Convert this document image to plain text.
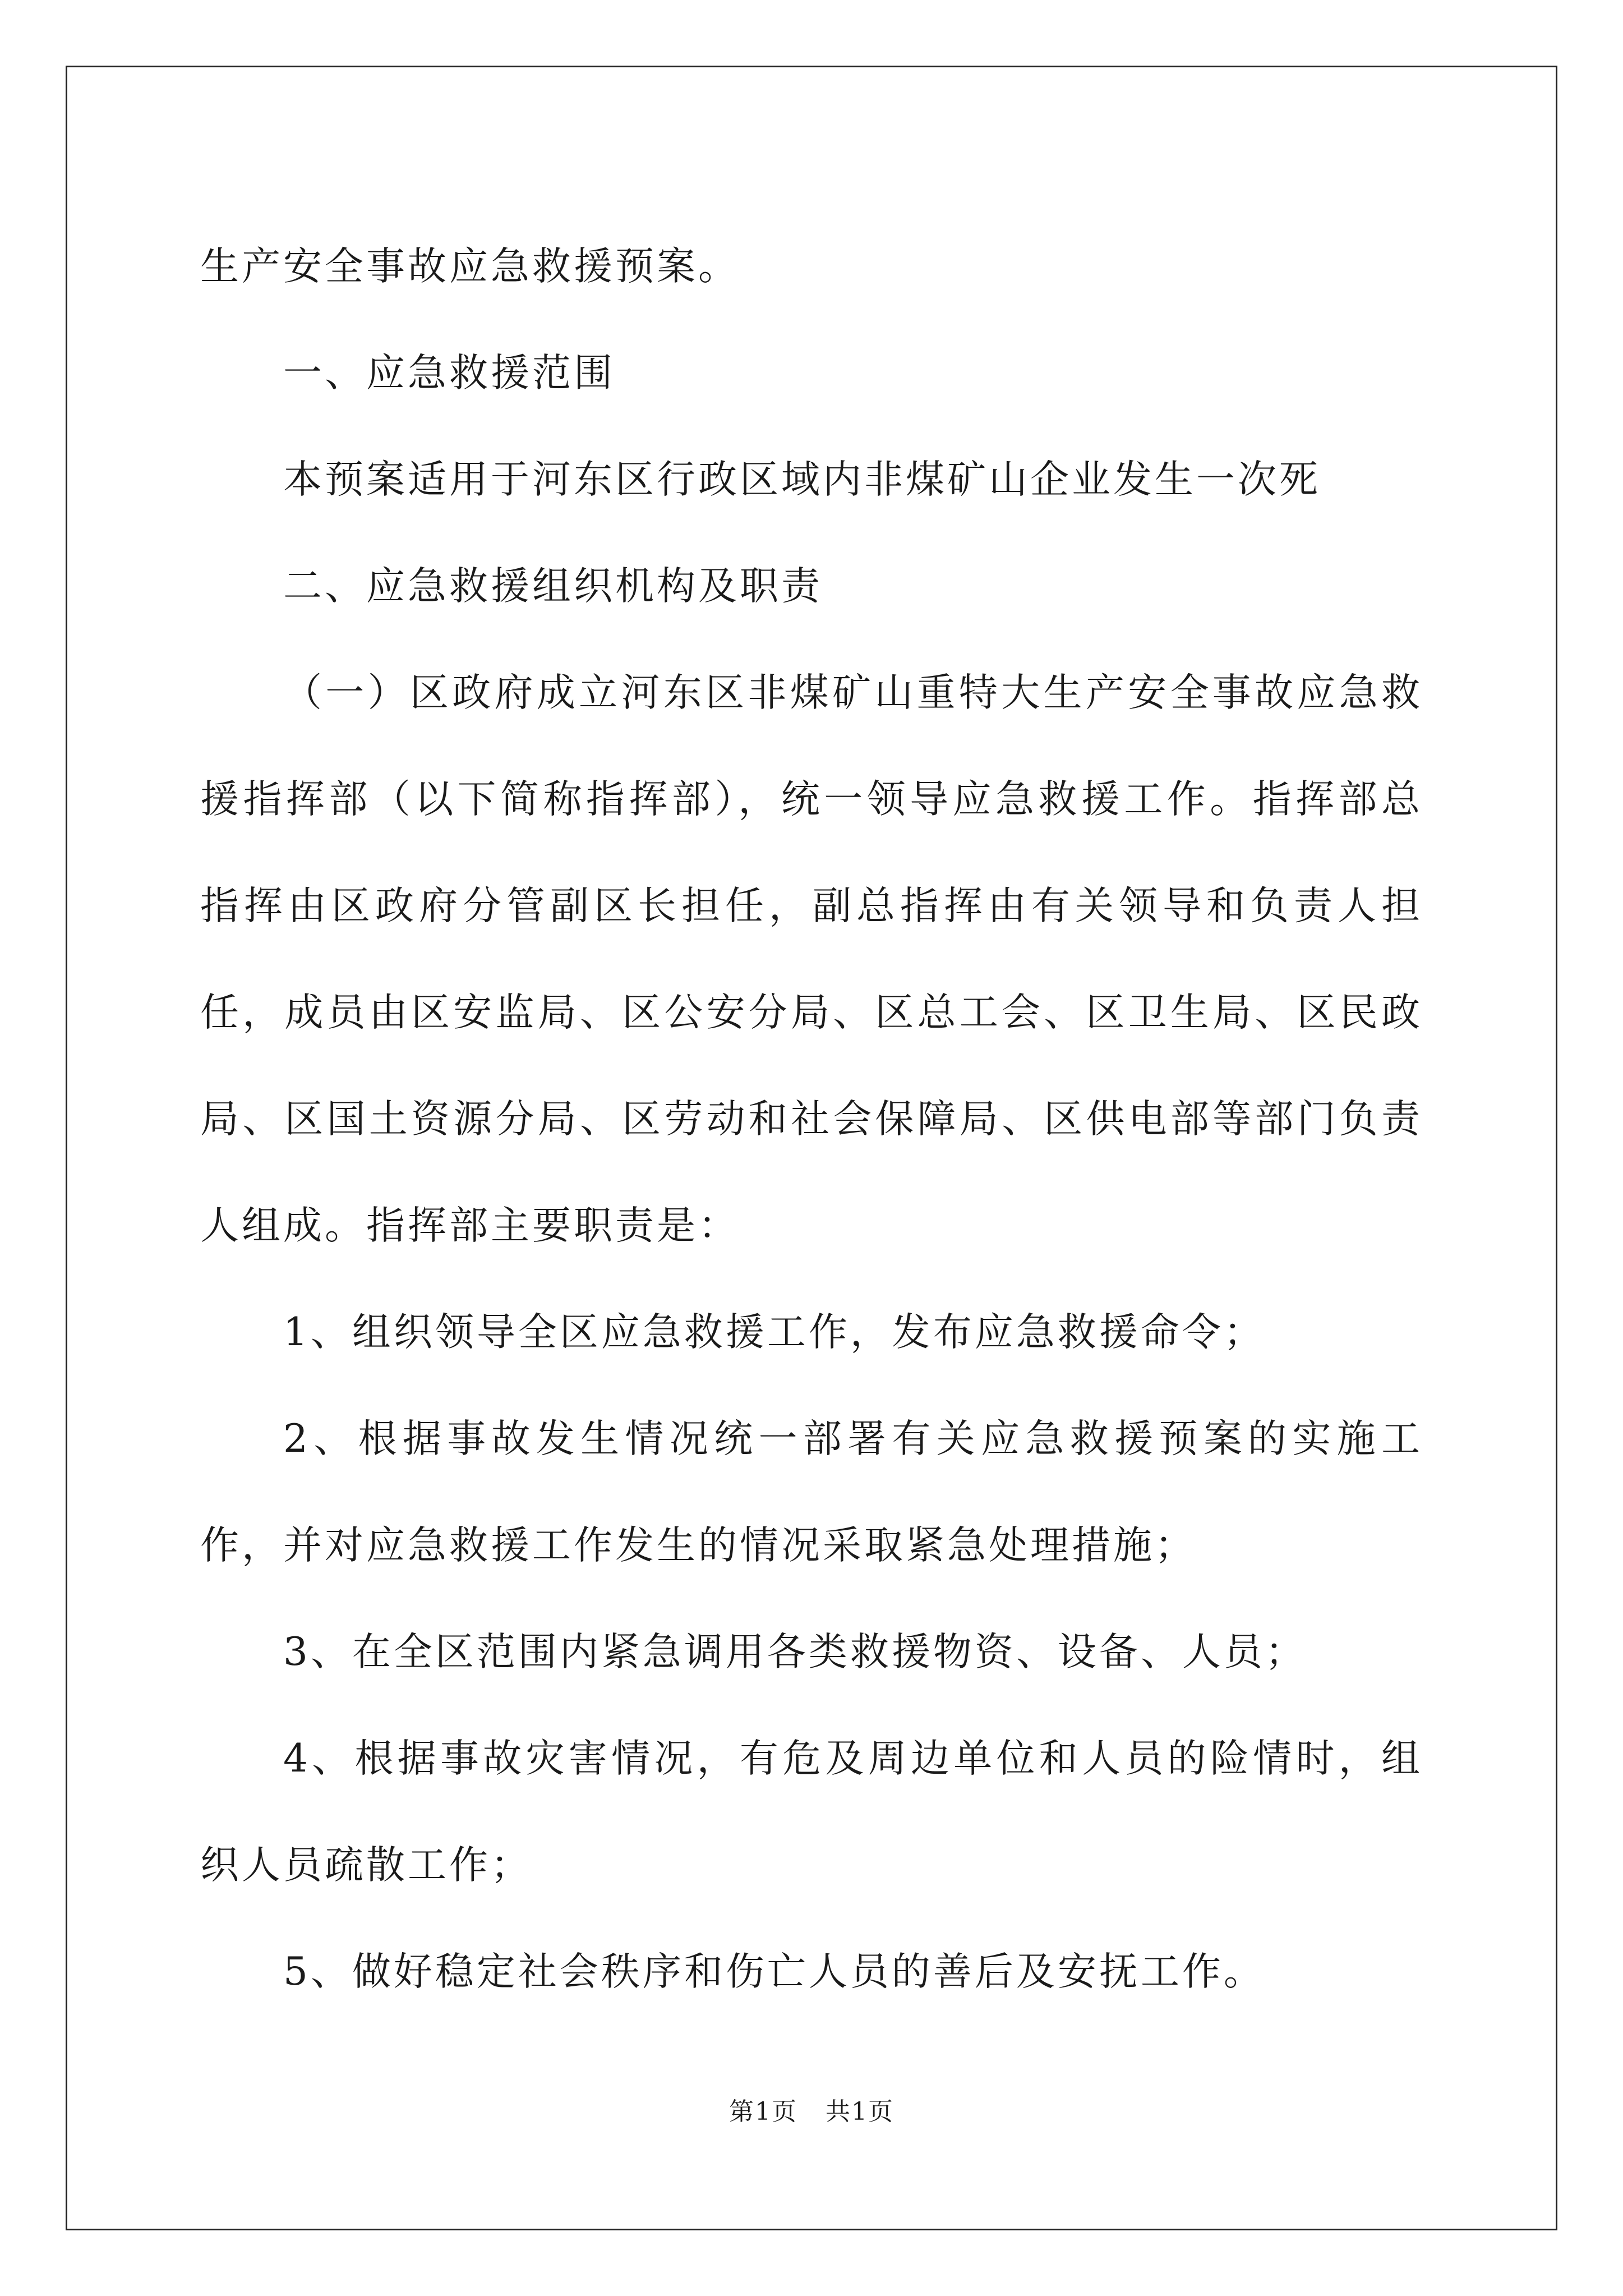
生产安全事故应急救援预案。

一、应急救援范围

本预案适用于河东区行政区域内非煤矿山企业发生一次死

二、应急救援组织机构及职责

（一）区政府成立河东区非煤矿山重特大生产安全事故应急救援指挥部（以下简称指挥部），统一领导应急救援工作。指挥部总指挥由区政府分管副区长担任，副总指挥由有关领导和负责人担任，成员由区安监局、区公安分局、区总工会、区卫生局、区民政局、区国土资源分局、区劳动和社会保障局、区供电部等部门负责人组成。指挥部主要职责是：

1、组织领导全区应急救援工作，发布应急救援命令；

2、根据事故发生情况统一部署有关应急救援预案的实施工作，并对应急救援工作发生的情况采取紧急处理措施；

3、在全区范围内紧急调用各类救援物资、设备、人员；

4、根据事故灾害情况，有危及周边单位和人员的险情时，组织人员疏散工作；

5、做好稳定社会秩序和伤亡人员的善后及安抚工作。

第1页 共1页
